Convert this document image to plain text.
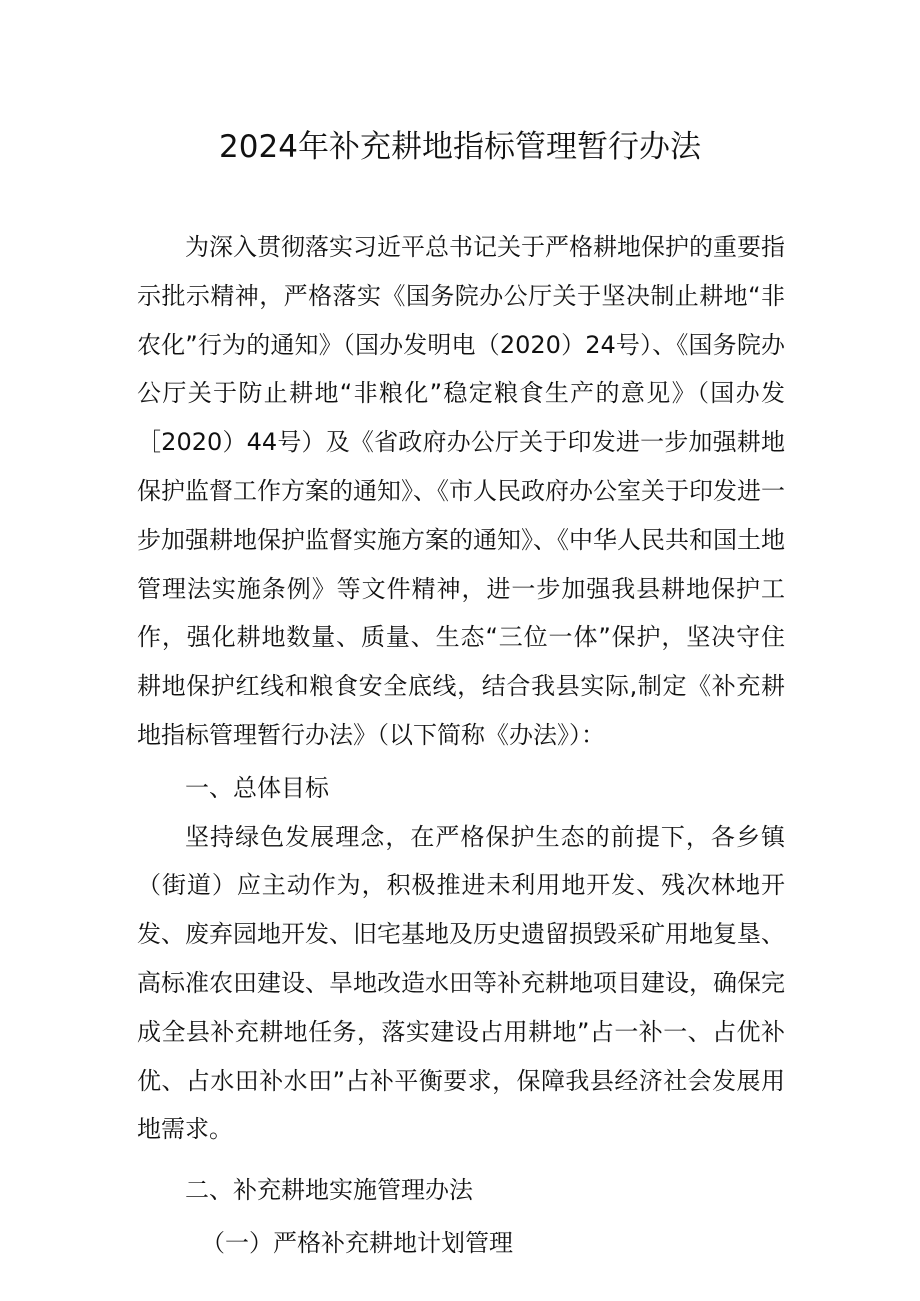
2024年补充耕地指标管理暂行办法

为深入贯彻落实习近平总书记关于严格耕地保护的重要指示批示精神，严格落实《国务院办公厅关于坚决制止耕地“非农化”行为的通知》（国办发明电（2020）24号）、《国务院办公厅关于防止耕地“非粮化”稳定粮食生产的意见》（国办发［2020）44号）及《省政府办公厅关于印发进一步加强耕地保护监督工作方案的通知》、《市人民政府办公室关于印发进一步加强耕地保护监督实施方案的通知》、《中华人民共和国土地管理法实施条例》等文件精神，进一步加强我县耕地保护工作，强化耕地数量、质量、生态“三位一体”保护，坚决守住耕地保护红线和粮食安全底线，结合我县实际,制定《补充耕地指标管理暂行办法》（以下简称《办法》）：

一、总体目标

坚持绿色发展理念，在严格保护生态的前提下，各乡镇（街道）应主动作为，积极推进未利用地开发、残次林地开发、废弃园地开发、旧宅基地及历史遗留损毁采矿用地复垦、高标准农田建设、旱地改造水田等补充耕地项目建设，确保完成全县补充耕地任务，落实建设占用耕地”占一补一、占优补优、占水田补水田”占补平衡要求，保障我县经济社会发展用地需求。

二、补充耕地实施管理办法

（一）严格补充耕地计划管理
